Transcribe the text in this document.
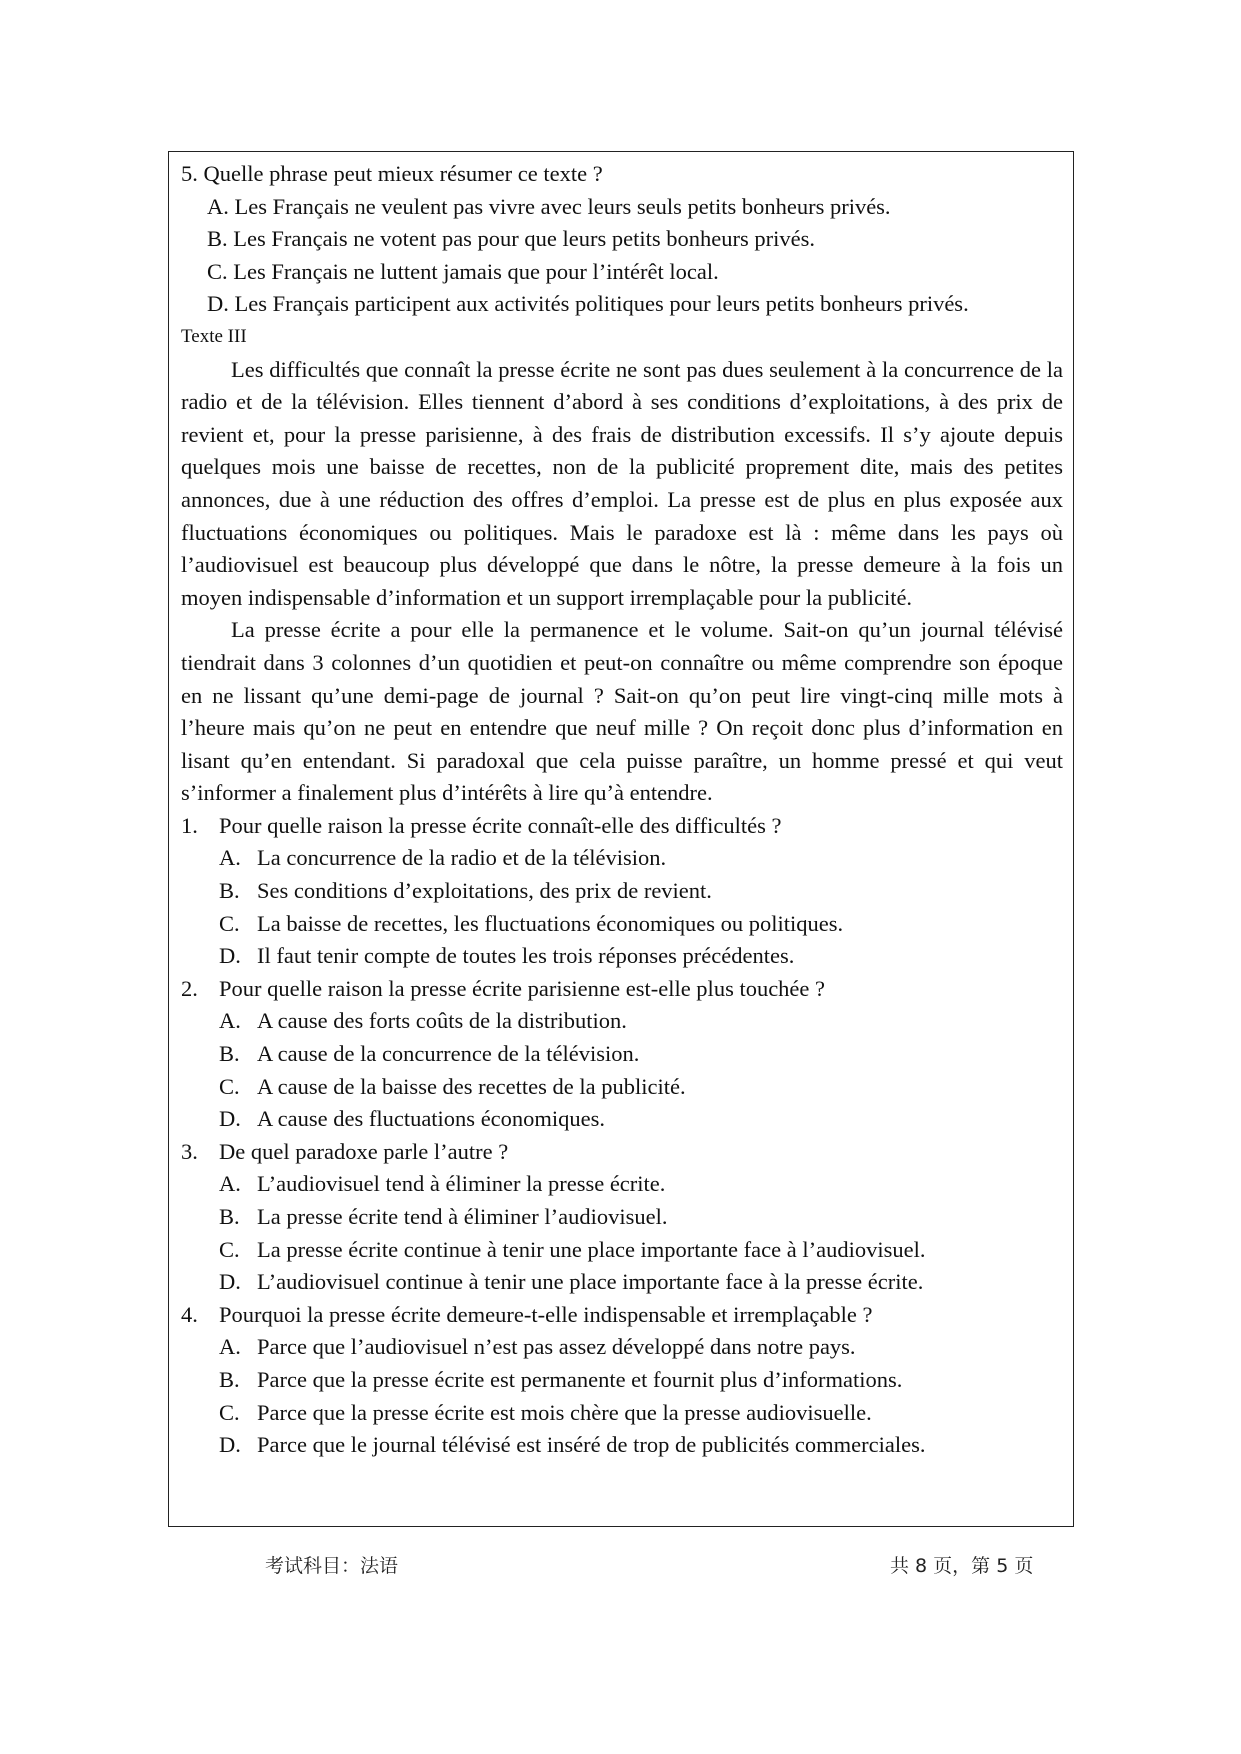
5. Quelle phrase peut mieux résumer ce texte ?
A. Les Français ne veulent pas vivre avec leurs seuls petits bonheurs privés.
B. Les Français ne votent pas pour que leurs petits bonheurs privés.
C. Les Français ne luttent jamais que pour l’intérêt local.
D. Les Français participent aux activités politiques pour leurs petits bonheurs privés.
Texte III

Les difficultés que connaît la presse écrite ne sont pas dues seulement à la concurrence de la radio et de la télévision. Elles tiennent d’abord à ses conditions d’exploitations, à des prix de revient et, pour la presse parisienne, à des frais de distribution excessifs. Il s’y ajoute depuis quelques mois une baisse de recettes, non de la publicité proprement dite, mais des petites annonces, due à une réduction des offres d’emploi. La presse est de plus en plus exposée aux fluctuations économiques ou politiques. Mais le paradoxe est là : même dans les pays où l’audiovisuel est beaucoup plus développé que dans le nôtre, la presse demeure à la fois un moyen indispensable d’information et un support irremplaçable pour la publicité.

La presse écrite a pour elle la permanence et le volume. Sait-on qu’un journal télévisé tiendrait dans 3 colonnes d’un quotidien et peut-on connaître ou même comprendre son époque en ne lissant qu’une demi-page de journal ? Sait-on qu’on peut lire vingt-cinq mille mots à l’heure mais qu’on ne peut en entendre que neuf mille ? On reçoit donc plus d’information en lisant qu’en entendant. Si paradoxal que cela puisse paraître, un homme pressé et qui veut s’informer a finalement plus d’intérêts à lire qu’à entendre.

1. Pour quelle raison la presse écrite connaît-elle des difficultés ?
A. La concurrence de la radio et de la télévision.
B. Ses conditions d’exploitations, des prix de revient.
C. La baisse de recettes, les fluctuations économiques ou politiques.
D. Il faut tenir compte de toutes les trois réponses précédentes.
2. Pour quelle raison la presse écrite parisienne est-elle plus touchée ?
A. A cause des forts coûts de la distribution.
B. A cause de la concurrence de la télévision.
C. A cause de la baisse des recettes de la publicité.
D. A cause des fluctuations économiques.
3. De quel paradoxe parle l’autre ?
A. L’audiovisuel tend à éliminer la presse écrite.
B. La presse écrite tend à éliminer l’audiovisuel.
C. La presse écrite continue à tenir une place importante face à l’audiovisuel.
D. L’audiovisuel continue à tenir une place importante face à la presse écrite.
4. Pourquoi la presse écrite demeure-t-elle indispensable et irremplaçable ?
A. Parce que l’audiovisuel n’est pas assez développé dans notre pays.
B. Parce que la presse écrite est permanente et fournit plus d’informations.
C. Parce que la presse écrite est mois chère que la presse audiovisuelle.
D. Parce que le journal télévisé est inséré de trop de publicités commerciales.
考试科目：法语	共 8 页，第 5 页
